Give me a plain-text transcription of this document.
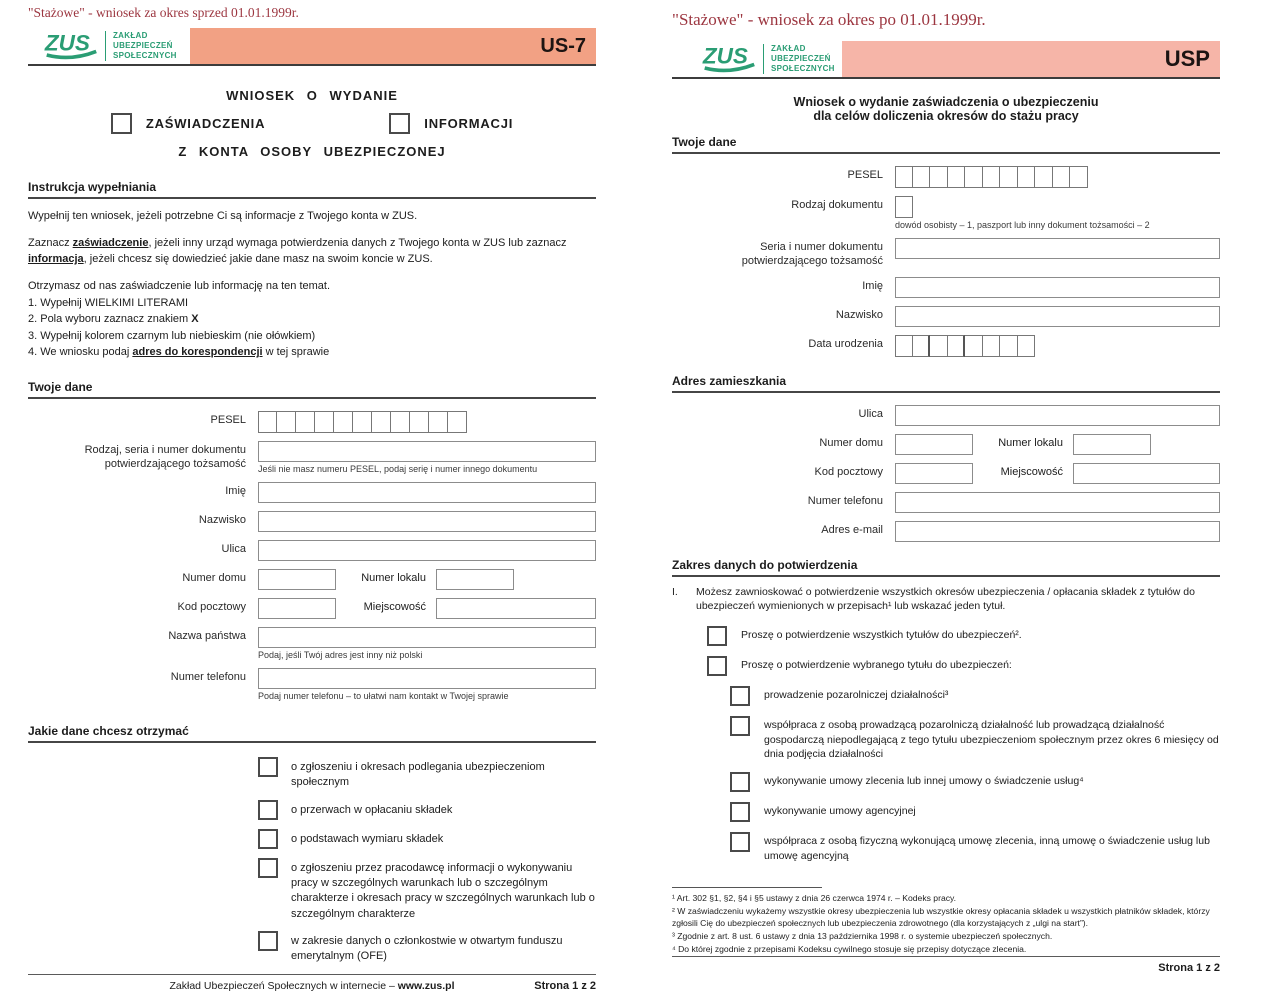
"Stażowe" - wniosek za okres sprzed 01.01.1999r.
ZUS	ZAKŁAD
UBEZPIECZEŃ
SPOŁECZNYCH	US-7
WNIOSEK O WYDANIE
ZAŚWIADCZENIA	INFORMACJI
Z KONTA OSOBY UBEZPIECZONEJ
Instrukcja wypełniania
Wypełnij ten wniosek, jeżeli potrzebne Ci są informacje z Twojego konta w ZUS.
Zaznacz zaświadczenie, jeżeli inny urząd wymaga potwierdzenia danych z Twojego konta w ZUS lub zaznacz informacja, jeżeli chcesz się dowiedzieć jakie dane masz na swoim koncie w ZUS.
Otrzymasz od nas zaświadczenie lub informację na ten temat.
1. Wypełnij WIELKIMI LITERAMI
2. Pola wyboru zaznacz znakiem X
3. Wypełnij kolorem czarnym lub niebieskim (nie ołówkiem)
4. We wniosku podaj adres do korespondencji w tej sprawie
Twoje dane
PESEL
Rodzaj, seria i numer dokumentu
potwierdzającego tożsamość Jeśli nie masz numeru PESEL, podaj serię i numer innego dokumentu
Imię
Nazwisko
Ulica
Numer domu	Numer lokalu
Kod pocztowy	Miejscowość
Nazwa państwa
Podaj, jeśli Twój adres jest inny niż polski
Numer telefonu
Podaj numer telefonu – to ułatwi nam kontakt w Twojej sprawie
Jakie dane chcesz otrzymać
o zgłoszeniu i okresach podlegania ubezpieczeniom społecznym
o przerwach w opłacaniu składek
o podstawach wymiaru składek
o zgłoszeniu przez pracodawcę informacji o wykonywaniu pracy w szczególnych warunkach lub o szczególnym charakterze i okresach pracy w szczególnych warunkach lub o szczególnym charakterze
w zakresie danych o członkostwie w otwartym funduszu emerytalnym (OFE)
Zakład Ubezpieczeń Społecznych w internecie – www.zus.pl	Strona 1 z 2
"Stażowe" - wniosek za okres po 01.01.1999r.
ZUS	ZAKŁAD
UBEZPIECZEŃ
SPOŁECZNYCH	USP
Wniosek o wydanie zaświadczenia o ubezpieczeniu
dla celów doliczenia okresów do stażu pracy
Twoje dane
PESEL
Rodzaj dokumentu
dowód osobisty – 1, paszport lub inny dokument tożsamości – 2
Seria i numer dokumentu
potwierdzającego tożsamość
Imię
Nazwisko
Data urodzenia
Adres zamieszkania
Ulica
Numer domu	Numer lokalu
Kod pocztowy	Miejscowość
Numer telefonu
Adres e-mail
Zakres danych do potwierdzenia
I.	Możesz zawnioskować o potwierdzenie wszystkich okresów ubezpieczenia / opłacania składek z tytułów do ubezpieczeń wymienionych w przepisach¹ lub wskazać jeden tytuł.
Proszę o potwierdzenie wszystkich tytułów do ubezpieczeń².
Proszę o potwierdzenie wybranego tytułu do ubezpieczeń:
prowadzenie pozarolniczej działalności³
współpraca z osobą prowadzącą pozarolniczą działalność lub prowadzącą działalność gospodarczą niepodlegającą z tego tytułu ubezpieczeniom społecznym przez okres 6 miesięcy od dnia podjęcia działalności
wykonywanie umowy zlecenia lub innej umowy o świadczenie usług⁴
wykonywanie umowy agencyjnej
współpraca z osobą fizyczną wykonującą umowę zlecenia, inną umowę o świadczenie usług lub umowę agencyjną
¹ Art. 302 §1, §2, §4 i §5 ustawy z dnia 26 czerwca 1974 r. – Kodeks pracy.
² W zaświadczeniu wykażemy wszystkie okresy ubezpieczenia lub wszystkie okresy opłacania składek u wszystkich płatników składek, którzy zgłosili Cię do ubezpieczeń społecznych lub ubezpieczenia zdrowotnego (dla korzystających z „ulgi na start”).
³ Zgodnie z art. 8 ust. 6 ustawy z dnia 13 października 1998 r. o systemie ubezpieczeń społecznych.
⁴ Do której zgodnie z przepisami Kodeksu cywilnego stosuje się przepisy dotyczące zlecenia.
Strona 1 z 2
